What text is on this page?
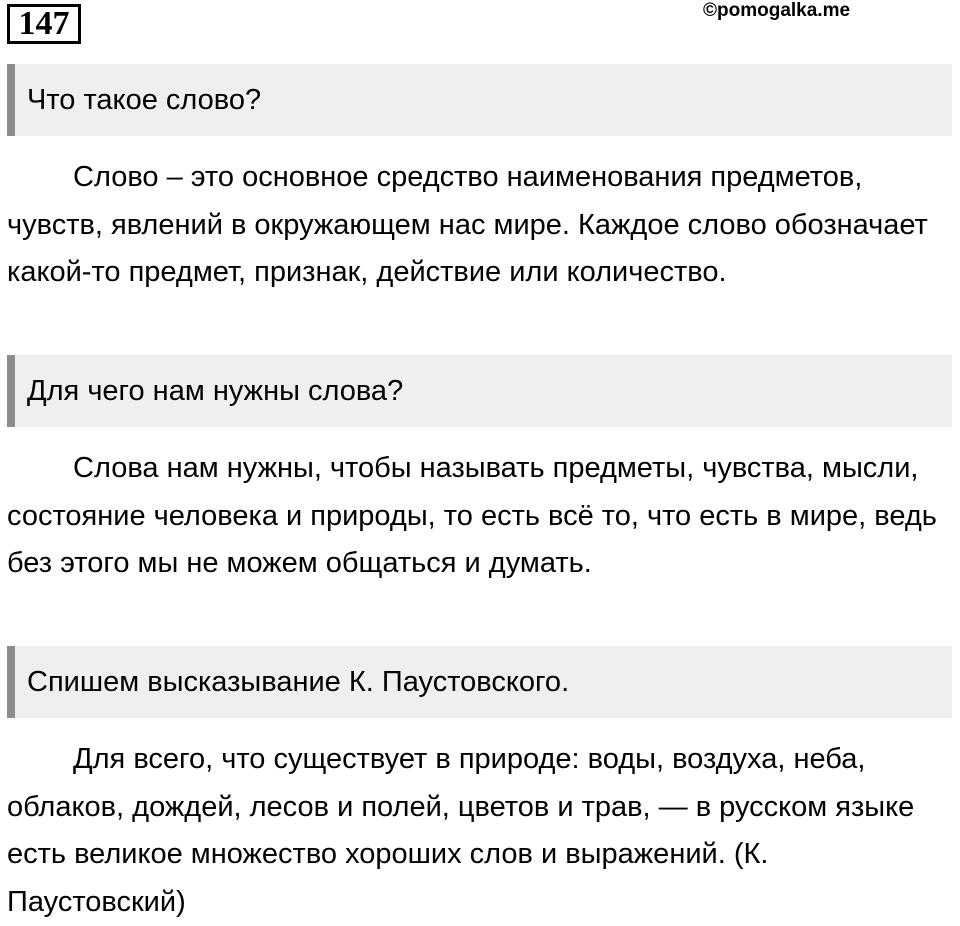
147	©pomogalka.me
Что такое слово?

Слово – это основное средство наименования предметов, чувств, явлений в окружающем нас мире. Каждое слово обозначает какой-то предмет, признак, действие или количество.

Для чего нам нужны слова?

Слова нам нужны, чтобы называть предметы, чувства, мысли, состояние человека и природы, то есть всё то, что есть в мире, ведь без этого мы не можем общаться и думать.

Спишем высказывание К. Паустовского.

Для всего, что существует в природе: воды, воздуха, неба, облаков, дождей, лесов и полей, цветов и трав, — в русском языке есть великое множество хороших слов и выражений. (К. Паустовский)
